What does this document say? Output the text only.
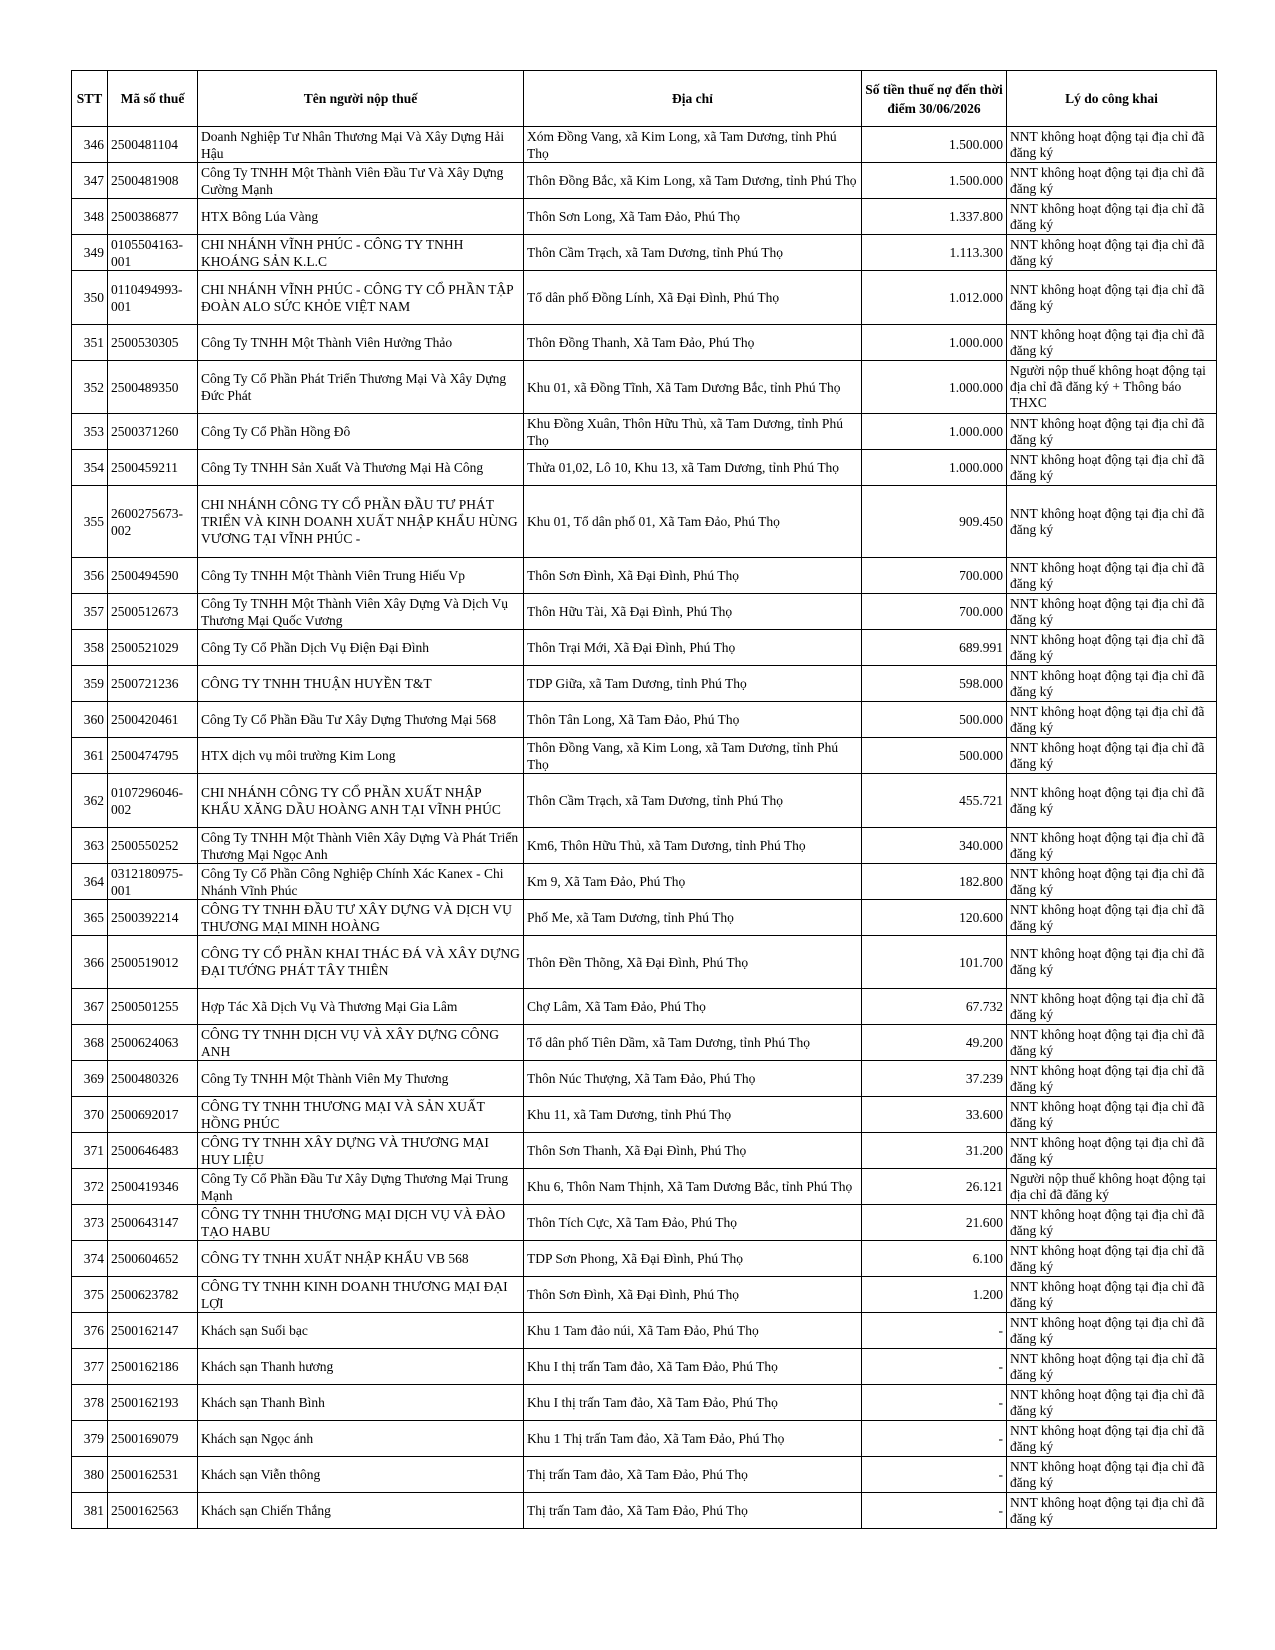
STT	Mã số thuế	Tên người nộp thuế	Địa chỉ	Số tiền thuế nợ đến thời điểm 30/06/2026	Lý do công khai
346	2500481104	Doanh Nghiệp Tư Nhân Thương Mại Và Xây Dựng Hải Hậu	Xóm Đồng Vang, xã Kim Long, xã Tam Dương, tỉnh Phú Thọ	1.500.000	NNT không hoạt động tại địa chỉ đã đăng ký
347	2500481908	Công Ty TNHH Một Thành Viên Đầu Tư Và Xây Dựng Cường Mạnh	Thôn Đồng Bắc, xã Kim Long, xã Tam Dương, tỉnh Phú Thọ	1.500.000	NNT không hoạt động tại địa chỉ đã đăng ký
348	2500386877	HTX Bông Lúa Vàng	Thôn Sơn Long, Xã Tam Đảo, Phú Thọ	1.337.800	NNT không hoạt động tại địa chỉ đã đăng ký
349	0105504163-001	CHI NHÁNH VĨNH PHÚC - CÔNG TY TNHH KHOÁNG SẢN K.L.C	Thôn Cầm Trạch, xã Tam Dương, tỉnh Phú Thọ	1.113.300	NNT không hoạt động tại địa chỉ đã đăng ký
350	0110494993-001	CHI NHÁNH VĨNH PHÚC - CÔNG TY CỔ PHẦN TẬP ĐOÀN ALO SỨC KHỎE VIỆT NAM	Tổ dân phố Đồng Lính, Xã Đại Đình, Phú Thọ	1.012.000	NNT không hoạt động tại địa chỉ đã đăng ký
351	2500530305	Công Ty TNHH Một Thành Viên Hưởng Thảo	Thôn Đồng Thanh, Xã Tam Đảo, Phú Thọ	1.000.000	NNT không hoạt động tại địa chỉ đã đăng ký
352	2500489350	Công Ty Cổ Phần Phát Triển Thương Mại Và Xây Dựng Đức Phát	Khu 01, xã Đồng Tĩnh, Xã Tam Dương Bắc, tỉnh Phú Thọ	1.000.000	Người nộp thuế không hoạt động tại địa chỉ đã đăng ký + Thông báo THXC
353	2500371260	Công Ty Cổ Phần Hồng Đô	Khu Đồng Xuân, Thôn Hữu Thủ, xã Tam Dương, tỉnh Phú Thọ	1.000.000	NNT không hoạt động tại địa chỉ đã đăng ký
354	2500459211	Công Ty TNHH Sản Xuất Và Thương Mại Hà Công	Thửa 01,02, Lô 10, Khu 13, xã Tam Dương, tỉnh Phú Thọ	1.000.000	NNT không hoạt động tại địa chỉ đã đăng ký
355	2600275673-002	CHI NHÁNH CÔNG TY CỔ PHẦN ĐẦU TƯ PHÁT TRIỂN VÀ KINH DOANH XUẤT NHẬP KHẨU HÙNG VƯƠNG TẠI VĨNH PHÚC -	Khu 01, Tổ dân phố 01, Xã Tam Đảo, Phú Thọ	909.450	NNT không hoạt động tại địa chỉ đã đăng ký
356	2500494590	Công Ty TNHH Một Thành Viên Trung Hiếu Vp	Thôn Sơn Đình, Xã Đại Đình, Phú Thọ	700.000	NNT không hoạt động tại địa chỉ đã đăng ký
357	2500512673	Công Ty TNHH Một Thành Viên Xây Dựng Và Dịch Vụ Thương Mại Quốc Vương	Thôn Hữu Tài, Xã Đại Đình, Phú Thọ	700.000	NNT không hoạt động tại địa chỉ đã đăng ký
358	2500521029	Công Ty Cổ Phần Dịch Vụ Điện Đại Đình	Thôn Trại Mới, Xã Đại Đình, Phú Thọ	689.991	NNT không hoạt động tại địa chỉ đã đăng ký
359	2500721236	CÔNG TY TNHH THUẬN HUYỀN T&T	TDP Giữa, xã Tam Dương, tỉnh Phú Thọ	598.000	NNT không hoạt động tại địa chỉ đã đăng ký
360	2500420461	Công Ty Cổ Phần Đầu Tư Xây Dựng Thương Mại 568	Thôn Tân Long, Xã Tam Đảo, Phú Thọ	500.000	NNT không hoạt động tại địa chỉ đã đăng ký
361	2500474795	HTX dịch vụ môi trường Kim Long	Thôn Đồng Vang, xã Kim Long, xã Tam Dương, tỉnh Phú Thọ	500.000	NNT không hoạt động tại địa chỉ đã đăng ký
362	0107296046-002	CHI NHÁNH CÔNG TY CỔ PHẦN XUẤT NHẬP KHẨU XĂNG DẦU HOÀNG ANH TẠI VĨNH PHÚC	Thôn Cầm Trạch, xã Tam Dương, tỉnh Phú Thọ	455.721	NNT không hoạt động tại địa chỉ đã đăng ký
363	2500550252	Công Ty TNHH Một Thành Viên Xây Dựng Và Phát Triển Thương Mại Ngọc Anh	Km6, Thôn Hữu Thủ, xã Tam Dương, tỉnh Phú Thọ	340.000	NNT không hoạt động tại địa chỉ đã đăng ký
364	0312180975-001	Công Ty Cổ Phần Công Nghiệp Chính Xác Kanex - Chi Nhánh Vĩnh Phúc	Km 9, Xã Tam Đảo, Phú Thọ	182.800	NNT không hoạt động tại địa chỉ đã đăng ký
365	2500392214	CÔNG TY TNHH ĐẦU TƯ XÂY DỰNG VÀ DỊCH VỤ THƯƠNG MẠI MINH HOÀNG	Phố Me, xã Tam Dương, tỉnh Phú Thọ	120.600	NNT không hoạt động tại địa chỉ đã đăng ký
366	2500519012	CÔNG TY CỔ PHẦN KHAI THÁC ĐÁ VÀ XÂY DỰNG ĐẠI TƯỚNG PHÁT TÂY THIÊN	Thôn Đền Thõng, Xã Đại Đình, Phú Thọ	101.700	NNT không hoạt động tại địa chỉ đã đăng ký
367	2500501255	Hợp Tác Xã Dịch Vụ Và Thương Mại Gia Lâm	Chợ Lâm, Xã Tam Đảo, Phú Thọ	67.732	NNT không hoạt động tại địa chỉ đã đăng ký
368	2500624063	CÔNG TY TNHH DỊCH VỤ VÀ XÂY DỰNG CÔNG ANH	Tổ dân phố Tiên Dầm, xã Tam Dương, tỉnh Phú Thọ	49.200	NNT không hoạt động tại địa chỉ đã đăng ký
369	2500480326	Công Ty TNHH Một Thành Viên My Thương	Thôn Núc Thượng, Xã Tam Đảo, Phú Thọ	37.239	NNT không hoạt động tại địa chỉ đã đăng ký
370	2500692017	CÔNG TY TNHH THƯƠNG MẠI VÀ SẢN XUẤT HỒNG PHÚC	Khu 11, xã Tam Dương, tỉnh Phú Thọ	33.600	NNT không hoạt động tại địa chỉ đã đăng ký
371	2500646483	CÔNG TY TNHH XÂY DỰNG VÀ THƯƠNG MẠI HUY LIỆU	Thôn Sơn Thanh, Xã Đại Đình, Phú Thọ	31.200	NNT không hoạt động tại địa chỉ đã đăng ký
372	2500419346	Công Ty Cổ Phần Đầu Tư Xây Dựng Thương Mại Trung Mạnh	Khu 6, Thôn Nam Thịnh, Xã Tam Dương Bắc, tỉnh Phú Thọ	26.121	Người nộp thuế không hoạt động tại địa chỉ đã đăng ký
373	2500643147	CÔNG TY TNHH THƯƠNG MẠI DỊCH VỤ VÀ ĐÀO TẠO HABU	Thôn Tích Cực, Xã Tam Đảo, Phú Thọ	21.600	NNT không hoạt động tại địa chỉ đã đăng ký
374	2500604652	CÔNG TY TNHH XUẤT NHẬP KHẨU VB 568	TDP Sơn Phong, Xã Đại Đình, Phú Thọ	6.100	NNT không hoạt động tại địa chỉ đã đăng ký
375	2500623782	CÔNG TY TNHH KINH DOANH THƯƠNG MẠI ĐẠI LỢI	Thôn Sơn Đình, Xã Đại Đình, Phú Thọ	1.200	NNT không hoạt động tại địa chỉ đã đăng ký
376	2500162147	Khách sạn Suối bạc	Khu 1 Tam đảo núi, Xã Tam Đảo, Phú Thọ	-	NNT không hoạt động tại địa chỉ đã đăng ký
377	2500162186	Khách sạn Thanh hương	Khu I thị trấn Tam đảo, Xã Tam Đảo, Phú Thọ	-	NNT không hoạt động tại địa chỉ đã đăng ký
378	2500162193	Khách sạn Thanh Bình	Khu I thị trấn Tam đảo, Xã Tam Đảo, Phú Thọ	-	NNT không hoạt động tại địa chỉ đã đăng ký
379	2500169079	Khách sạn Ngọc ánh	Khu 1 Thị trấn Tam đảo, Xã Tam Đảo, Phú Thọ	-	NNT không hoạt động tại địa chỉ đã đăng ký
380	2500162531	Khách sạn Viễn thông	Thị trấn Tam đảo, Xã Tam Đảo, Phú Thọ	-	NNT không hoạt động tại địa chỉ đã đăng ký
381	2500162563	Khách sạn Chiến Thắng	Thị trấn Tam đảo, Xã Tam Đảo, Phú Thọ	-	NNT không hoạt động tại địa chỉ đã đăng ký
